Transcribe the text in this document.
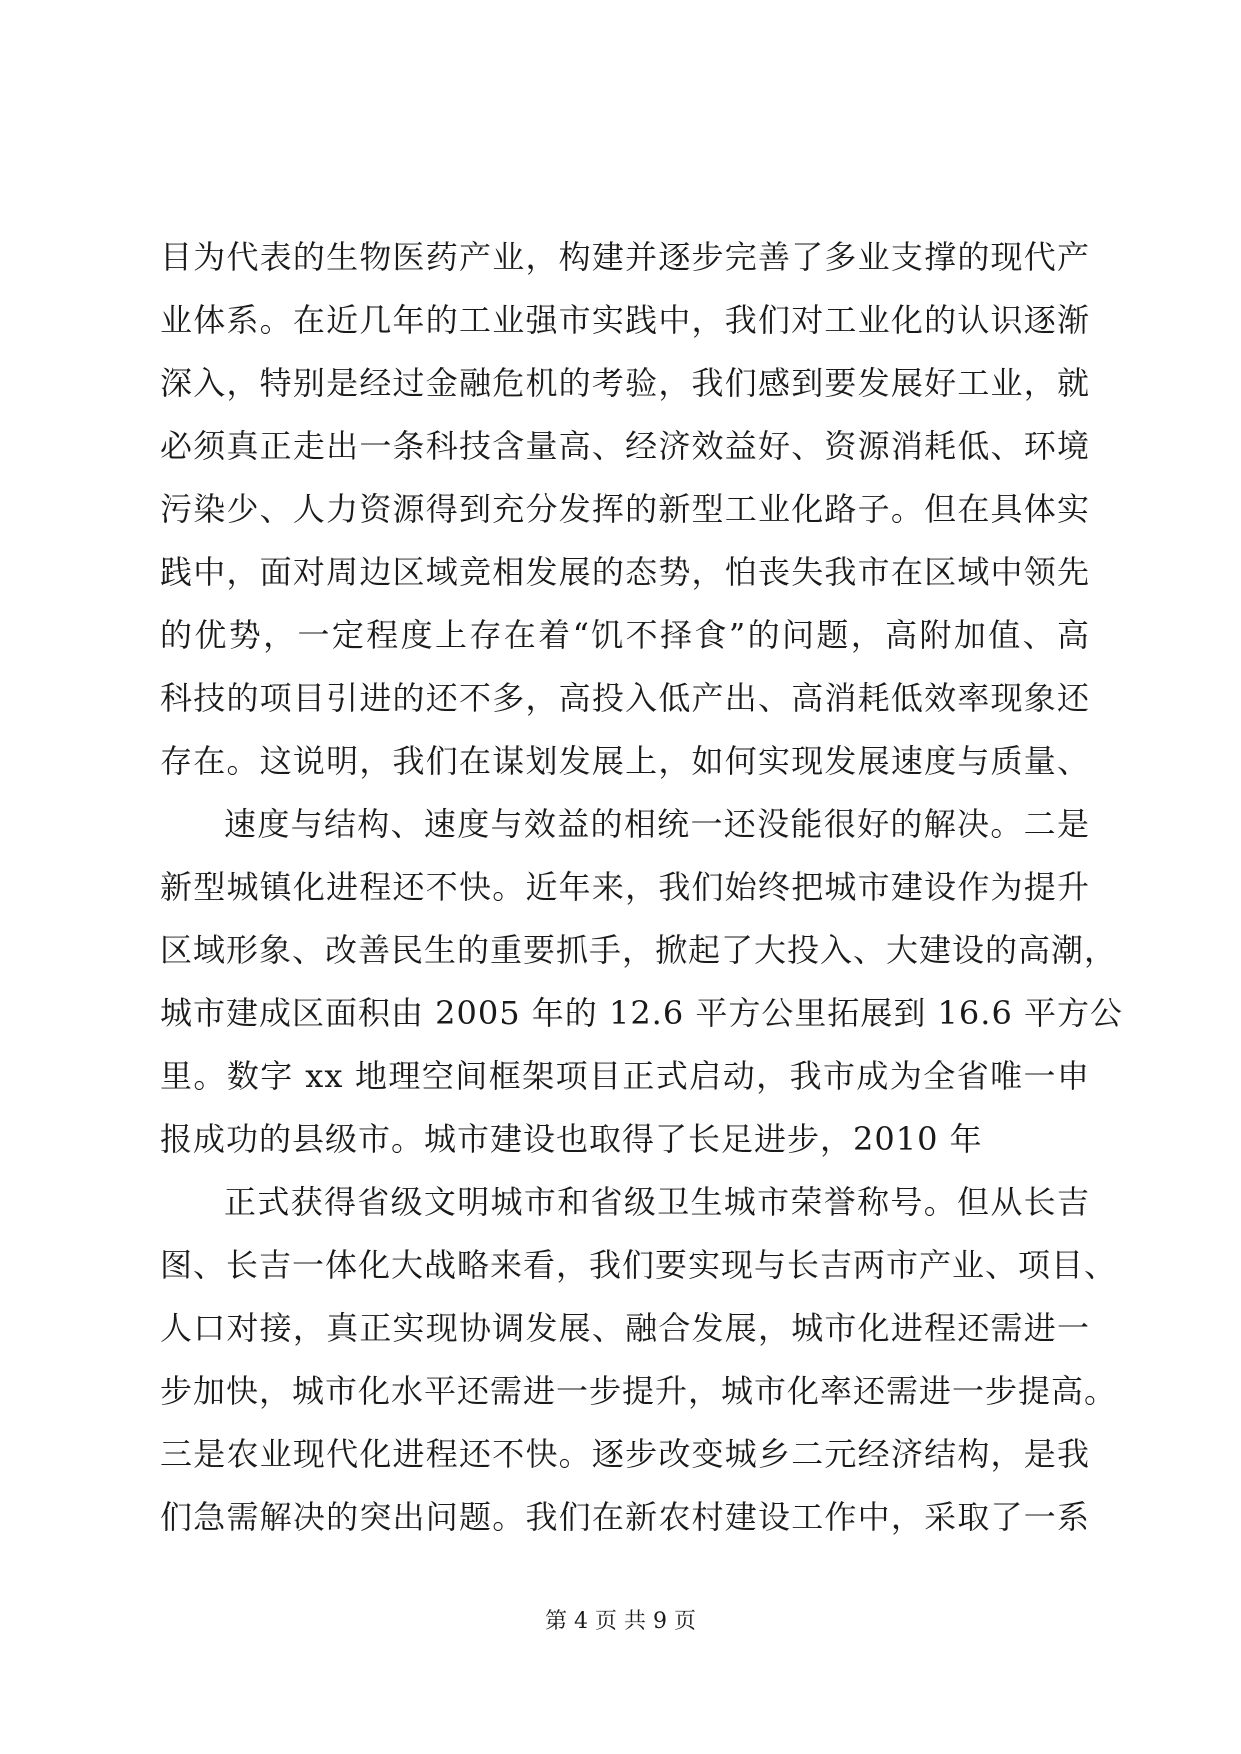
目为代表的生物医药产业，构建并逐步完善了多业支撑的现代产
业体系。在近几年的工业强市实践中，我们对工业化的认识逐渐
深入，特别是经过金融危机的考验，我们感到要发展好工业，就
必须真正走出一条科技含量高、经济效益好、资源消耗低、环境
污染少、人力资源得到充分发挥的新型工业化路子。但在具体实
践中，面对周边区域竞相发展的态势，怕丧失我市在区域中领先
的优势，一定程度上存在着“饥不择食”的问题，高附加值、高
科技的项目引进的还不多，高投入低产出、高消耗低效率现象还
存在。这说明，我们在谋划发展上，如何实现发展速度与质量、
速度与结构、速度与效益的相统一还没能很好的解决。二是
新型城镇化进程还不快。近年来，我们始终把城市建设作为提升
区域形象、改善民生的重要抓手，掀起了大投入、大建设的高潮，
城市建成区面积由 2005 年的 12.6 平方公里拓展到 16.6 平方公
里。数字 xx 地理空间框架项目正式启动，我市成为全省唯一申
报成功的县级市。城市建设也取得了长足进步，2010 年
正式获得省级文明城市和省级卫生城市荣誉称号。但从长吉
图、长吉一体化大战略来看，我们要实现与长吉两市产业、项目、
人口对接，真正实现协调发展、融合发展，城市化进程还需进一
步加快，城市化水平还需进一步提升，城市化率还需进一步提高。
三是农业现代化进程还不快。逐步改变城乡二元经济结构，是我
们急需解决的突出问题。我们在新农村建设工作中，采取了一系
第 4 页 共 9 页
